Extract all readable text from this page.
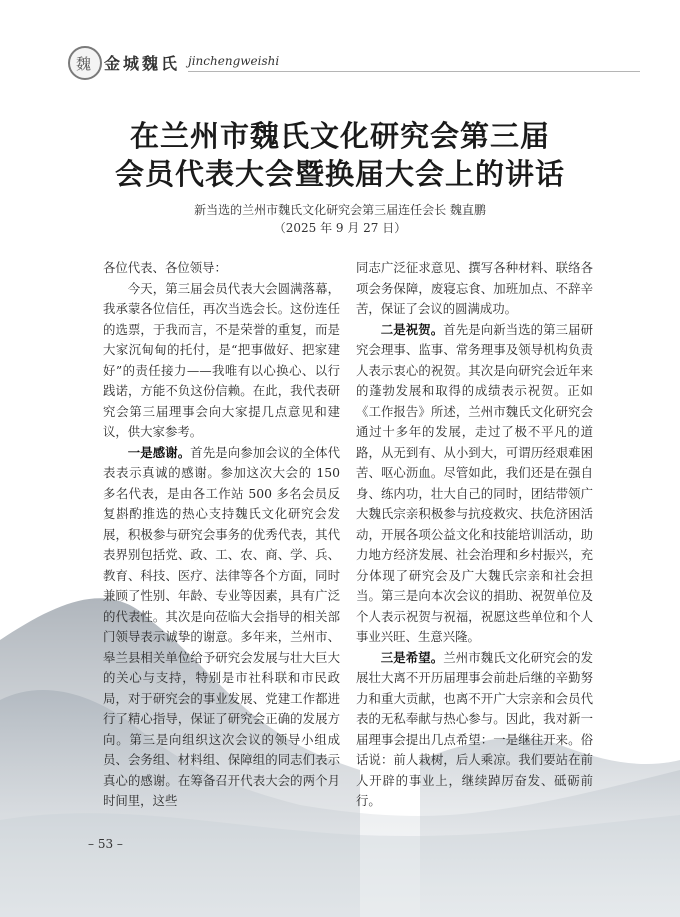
魏 金城魏氏 jinchengweishi
在兰州市魏氏文化研究会第三届
会员代表大会暨换届大会上的讲话
新当选的兰州市魏氏文化研究会第三届连任会长 魏直鹏
（2025 年 9 月 27 日）

各位代表、各位领导：

今天，第三届会员代表大会圆满落幕，我承蒙各位信任，再次当选会长。这份连任的选票，于我而言，不是荣誉的重复，而是大家沉甸甸的托付，是“把事做好、把家建好”的责任接力——我唯有以心换心、以行践诺，方能不负这份信赖。在此，我代表研究会第三届理事会向大家提几点意见和建议，供大家参考。

一是感谢。首先是向参加会议的全体代表表示真诚的感谢。参加这次大会的 150 多名代表，是由各工作站 500 多名会员反复斟酌推选的热心支持魏氏文化研究会发展，积极参与研究会事务的优秀代表，其代表界别包括党、政、工、农、商、学、兵、教育、科技、医疗、法律等各个方面，同时兼顾了性别、年龄、专业等因素，具有广泛的代表性。其次是向莅临大会指导的相关部门领导表示诚挚的谢意。多年来，兰州市、皋兰县相关单位给予研究会发展与壮大巨大的关心与支持，特别是市社科联和市民政局，对于研究会的事业发展、党建工作都进行了精心指导，保证了研究会正确的发展方向。第三是向组织这次会议的领导小组成员、会务组、材料组、保障组的同志们表示真心的感谢。在筹备召开代表大会的两个月时间里，这些

同志广泛征求意见、撰写各种材料、联络各项会务保障，废寝忘食、加班加点、不辞辛苦，保证了会议的圆满成功。

二是祝贺。首先是向新当选的第三届研究会理事、监事、常务理事及领导机构负责人表示衷心的祝贺。其次是向研究会近年来的蓬勃发展和取得的成绩表示祝贺。正如《工作报告》所述，兰州市魏氏文化研究会通过十多年的发展，走过了极不平凡的道路，从无到有、从小到大，可谓历经艰难困苦、呕心沥血。尽管如此，我们还是在强自身、练内功，壮大自己的同时，团结带领广大魏氏宗亲积极参与抗疫救灾、扶危济困活动，开展各项公益文化和技能培训活动，助力地方经济发展、社会治理和乡村振兴，充分体现了研究会及广大魏氏宗亲和社会担当。第三是向本次会议的捐助、祝贺单位及个人表示祝贺与祝福，祝愿这些单位和个人事业兴旺、生意兴隆。

三是希望。兰州市魏氏文化研究会的发展壮大离不开历届理事会前赴后继的辛勤努力和重大贡献，也离不开广大宗亲和会员代表的无私奉献与热心参与。因此，我对新一届理事会提出几点希望：一是继往开来。俗话说：前人栽树，后人乘凉。我们要站在前人开辟的事业上，继续踔厉奋发、砥砺前行。

– 53 –
